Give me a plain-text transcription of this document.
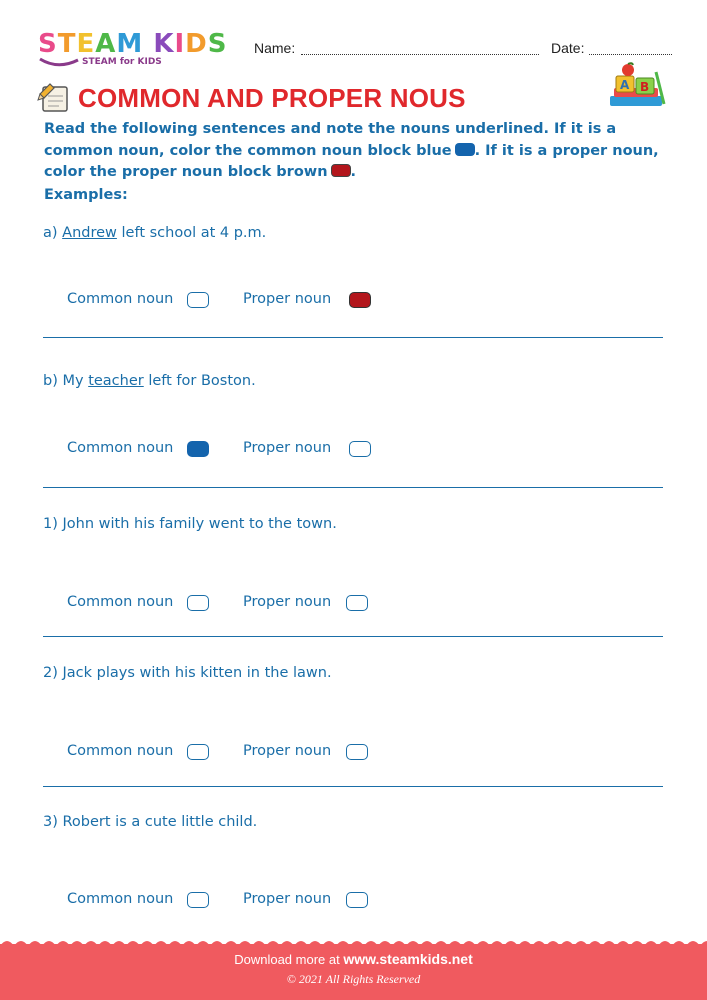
STEAM KIDS
STEAM for KIDS
Name:	Date:
COMMON AND PROPER NOUS	A B
Read the following sentences and note the nouns underlined. If it is a common noun, color the common noun block blue . If it is a proper noun, color the proper noun block brown .
Examples:
a) Andrew left school at 4 p.m.
Common noun	Proper noun
b) My teacher left for Boston.
Common noun	Proper noun
1) John with his family went to the town.
Common noun	Proper noun
2) Jack plays with his kitten in the lawn.
Common noun	Proper noun
3) Robert is a cute little child.
Common noun	Proper noun
Download more at www.steamkids.net
© 2021 All Rights Reserved
